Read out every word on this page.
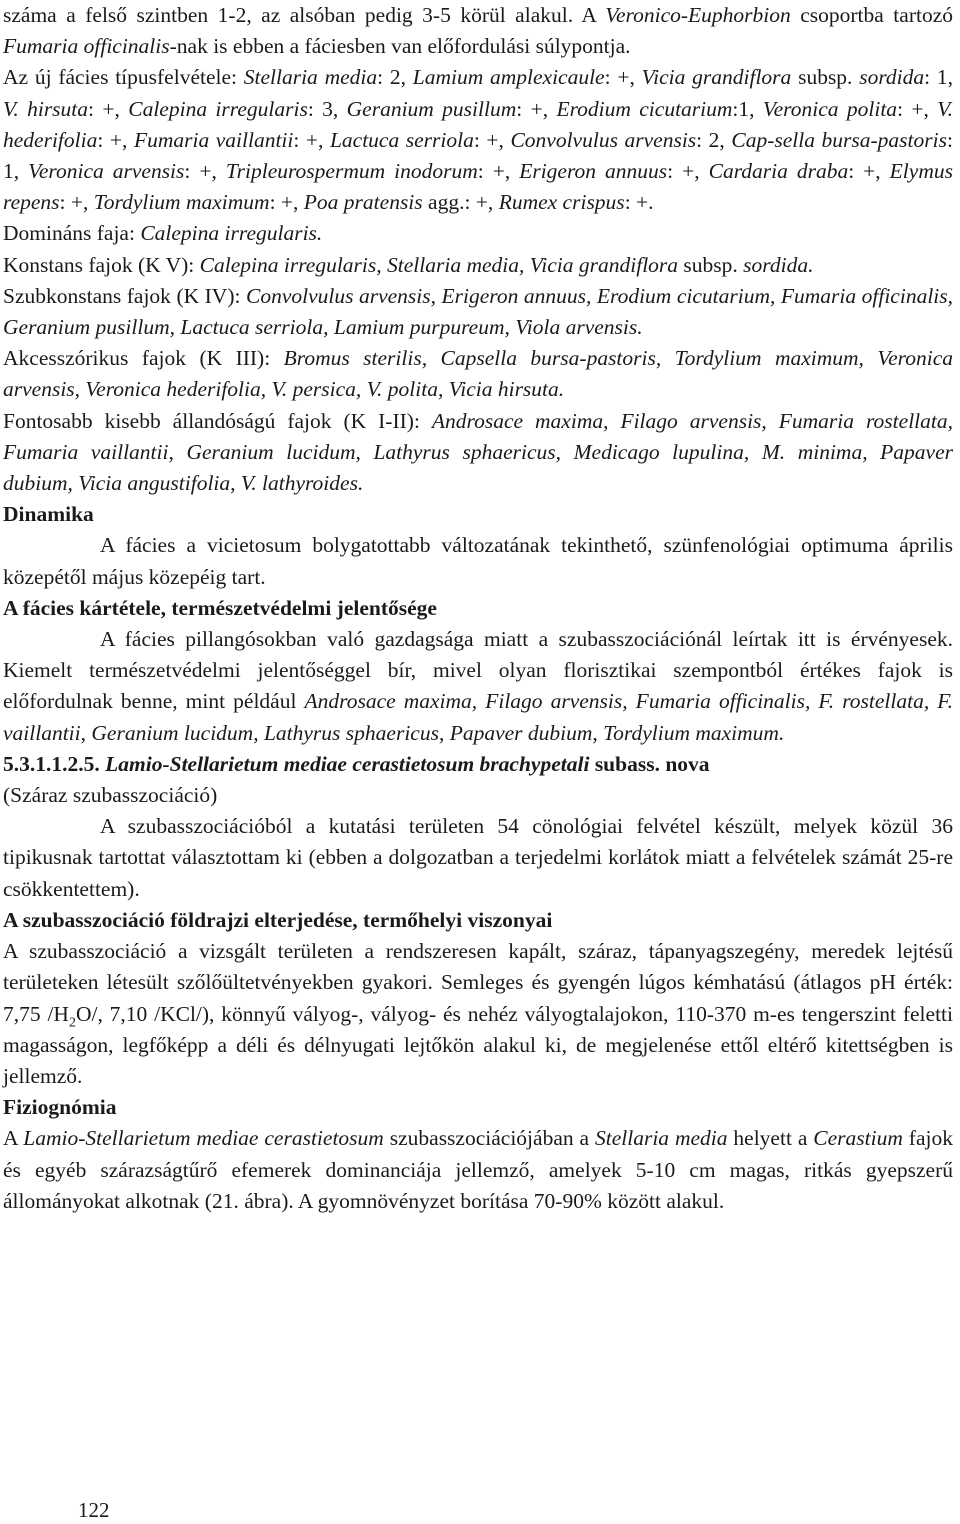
száma a felső szintben 1-2, az alsóban pedig 3-5 körül alakul. A Veronico-Euphorbion csoportba tartozó Fumaria officinalis-nak is ebben a fáciesben van előfordulási súlypontja.

Az új fácies típusfelvétele: Stellaria media: 2, Lamium amplexicaule: +, Vicia grandiflora subsp. sordida: 1, V. hirsuta: +, Calepina irregularis: 3, Geranium pusillum: +, Erodium cicutarium:1, Veronica polita: +, V. hederifolia: +, Fumaria vaillantii: +, Lactuca serriola: +, Convolvulus arvensis: 2, Cap-sella bursa-pastoris: 1, Veronica arvensis: +, Tripleurospermum inodorum: +, Erigeron annuus: +, Cardaria draba: +, Elymus repens: +, Tordylium maximum: +, Poa pratensis agg.: +, Rumex crispus: +.

Domináns faja: Calepina irregularis.

Konstans fajok (K V): Calepina irregularis, Stellaria media, Vicia grandiflora subsp. sordida.

Szubkonstans fajok (K IV): Convolvulus arvensis, Erigeron annuus, Erodium cicutarium, Fumaria officinalis, Geranium pusillum, Lactuca serriola, Lamium purpureum, Viola arvensis.

Akcesszórikus fajok (K III): Bromus sterilis, Capsella bursa-pastoris, Tordylium maximum, Veronica arvensis, Veronica hederifolia, V. persica, V. polita, Vicia hirsuta.

Fontosabb kisebb állandóságú fajok (K I-II): Androsace maxima, Filago arvensis, Fumaria rostellata, Fumaria vaillantii, Geranium lucidum, Lathyrus sphaericus, Medicago lupulina, M. minima, Papaver dubium, Vicia angustifolia, V. lathyroides.

Dinamika

A fácies a vicietosum bolygatottabb változatának tekinthető, szünfenológiai optimuma április közepétől május közepéig tart.

A fácies kártétele, természetvédelmi jelentősége

A fácies pillangósokban való gazdagsága miatt a szubasszociációnál leírtak itt is érvényesek. Kiemelt természetvédelmi jelentőséggel bír, mivel olyan florisztikai szempontból értékes fajok is előfordulnak benne, mint például Androsace maxima, Filago arvensis, Fumaria officinalis, F. rostellata, F. vaillantii, Geranium lucidum, Lathyrus sphaericus, Papaver dubium, Tordylium maximum.

5.3.1.1.2.5. Lamio-Stellarietum mediae cerastietosum brachypetali subass. nova

(Száraz szubasszociáció)

A szubasszociációból a kutatási területen 54 cönológiai felvétel készült, melyek közül 36 tipikusnak tartottat választottam ki (ebben a dolgozatban a terjedelmi korlátok miatt a felvételek számát 25-re csökkentettem).

A szubasszociáció földrajzi elterjedése, termőhelyi viszonyai

A szubasszociáció a vizsgált területen a rendszeresen kapált, száraz, tápanyagszegény, meredek lejtésű területeken létesült szőlőültetvényekben gyakori. Semleges és gyengén lúgos kémhatású (átlagos pH érték: 7,75 $/H_2O/$, 7,10 /KCl/), könnyű vályog-, vályog- és nehéz vályogtalajokon, 110-370 m-es tengerszint feletti magasságon, legfőképp a déli és délnyugati lejtőkön alakul ki, de megjelenése ettől eltérő kitettségben is jellemző.

Fiziognómia

A Lamio-Stellarietum mediae cerastietosum szubasszociációjában a Stellaria media helyett a Cerastium fajok és egyéb szárazságtűrő efemerek dominanciája jellemző, amelyek 5-10 cm magas, ritkás gyepszerű állományokat alkotnak (21. ábra). A gyomnövényzet borítása 70-90% között alakul.

122
